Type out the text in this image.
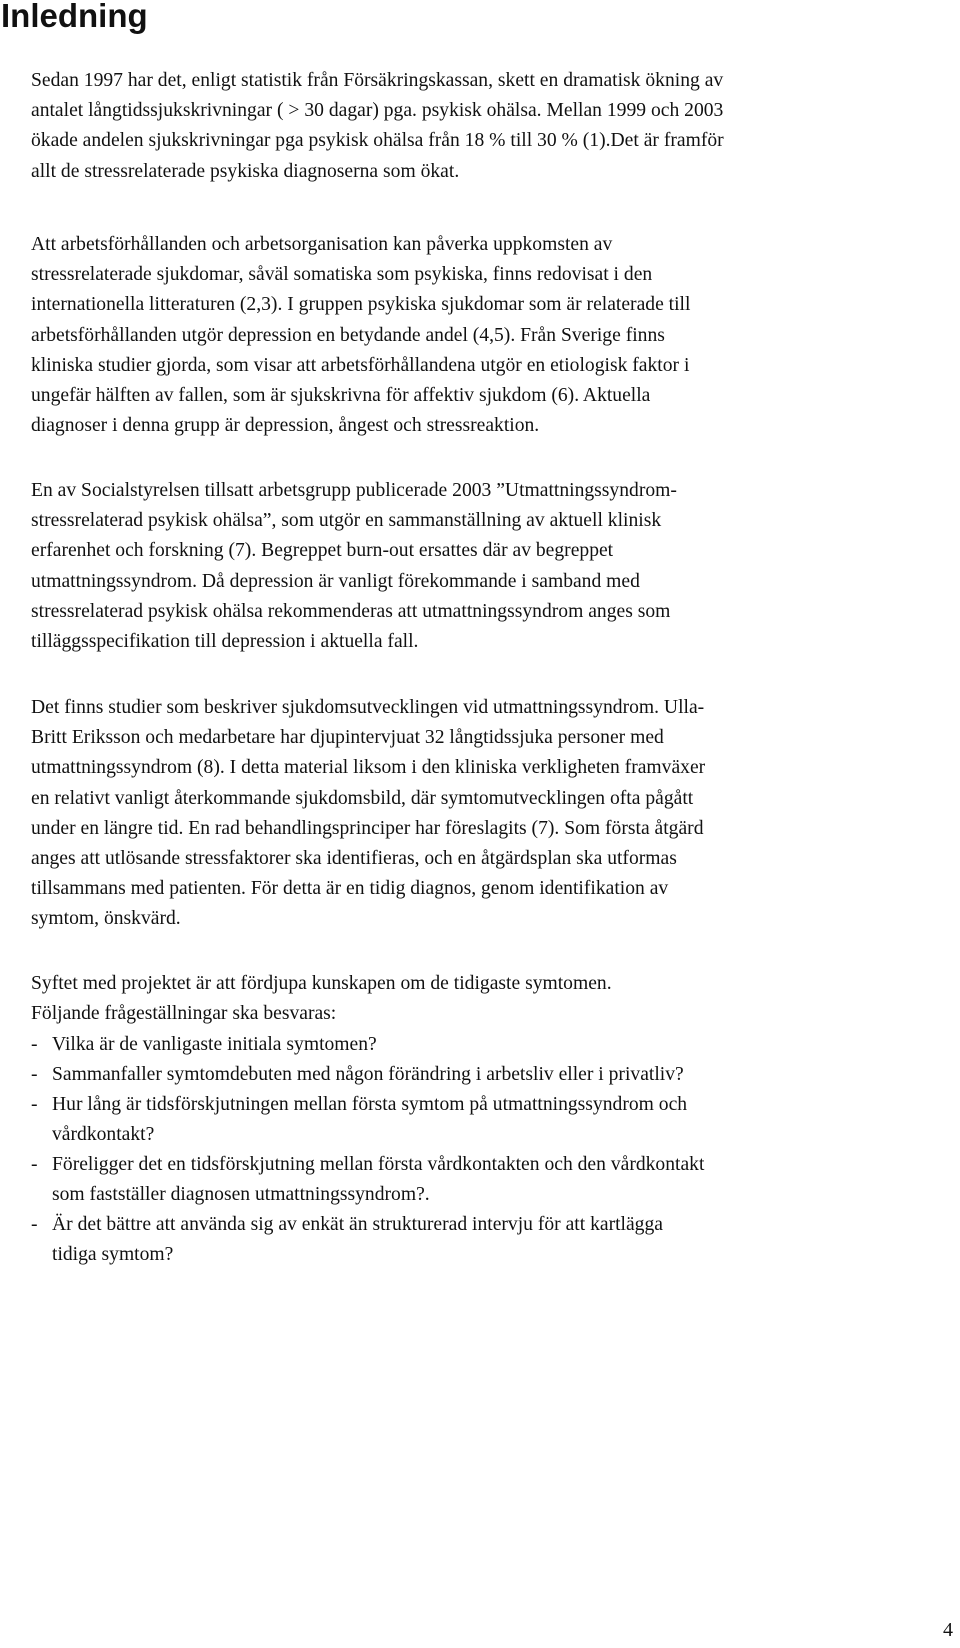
Inledning

Sedan 1997 har det, enligt statistik från Försäkringskassan, skett en dramatisk ökning av
antalet långtidssjukskrivningar ( > 30 dagar) pga. psykisk ohälsa. Mellan 1999 och 2003
ökade andelen sjukskrivningar pga psykisk ohälsa från 18 % till 30 % (1).Det är framför
allt de stressrelaterade psykiska diagnoserna som ökat.

Att arbetsförhållanden och arbetsorganisation kan påverka uppkomsten av
stressrelaterade sjukdomar, såväl somatiska som psykiska, finns redovisat i den
internationella litteraturen (2,3). I gruppen psykiska sjukdomar som är relaterade till
arbetsförhållanden utgör depression en betydande andel (4,5). Från Sverige finns
kliniska studier gjorda, som visar att arbetsförhållandena utgör en etiologisk faktor i
ungefär hälften av fallen, som är sjukskrivna för affektiv sjukdom (6). Aktuella
diagnoser i denna grupp är depression, ångest och stressreaktion.

En av Socialstyrelsen tillsatt arbetsgrupp publicerade 2003 ”Utmattningssyndrom-
stressrelaterad psykisk ohälsa”, som utgör en sammanställning av aktuell klinisk
erfarenhet och forskning (7). Begreppet burn-out ersattes där av begreppet
utmattningssyndrom. Då depression är vanligt förekommande i samband med
stressrelaterad psykisk ohälsa rekommenderas att utmattningssyndrom anges som
tilläggsspecifikation till depression i aktuella fall.

Det finns studier som beskriver sjukdomsutvecklingen vid utmattningssyndrom. Ulla-
Britt Eriksson och medarbetare har djupintervjuat 32 långtidssjuka personer med
utmattningssyndrom (8). I detta material liksom i den kliniska verkligheten framväxer
en relativt vanligt återkommande sjukdomsbild, där symtomutvecklingen ofta pågått
under en längre tid. En rad behandlingsprinciper har föreslagits (7). Som första åtgärd
anges att utlösande stressfaktorer ska identifieras, och en åtgärdsplan ska utformas
tillsammans med patienten. För detta är en tidig diagnos, genom identifikation av
symtom, önskvärd.

Syftet med projektet är att fördjupa kunskapen om de tidigaste symtomen.
Följande frågeställningar ska besvaras:

- Vilka är de vanligaste initiala symtomen?
- Sammanfaller symtomdebuten med någon förändring i arbetsliv eller i privatliv?
- Hur lång är tidsförskjutningen mellan första symtom på utmattningssyndrom och
vårdkontakt?
- Föreligger det en tidsförskjutning mellan första vårdkontakten och den vårdkontakt
som fastställer diagnosen utmattningssyndrom?.
- Är det bättre att använda sig av enkät än strukturerad intervju för att kartlägga
tidiga symtom?
4
